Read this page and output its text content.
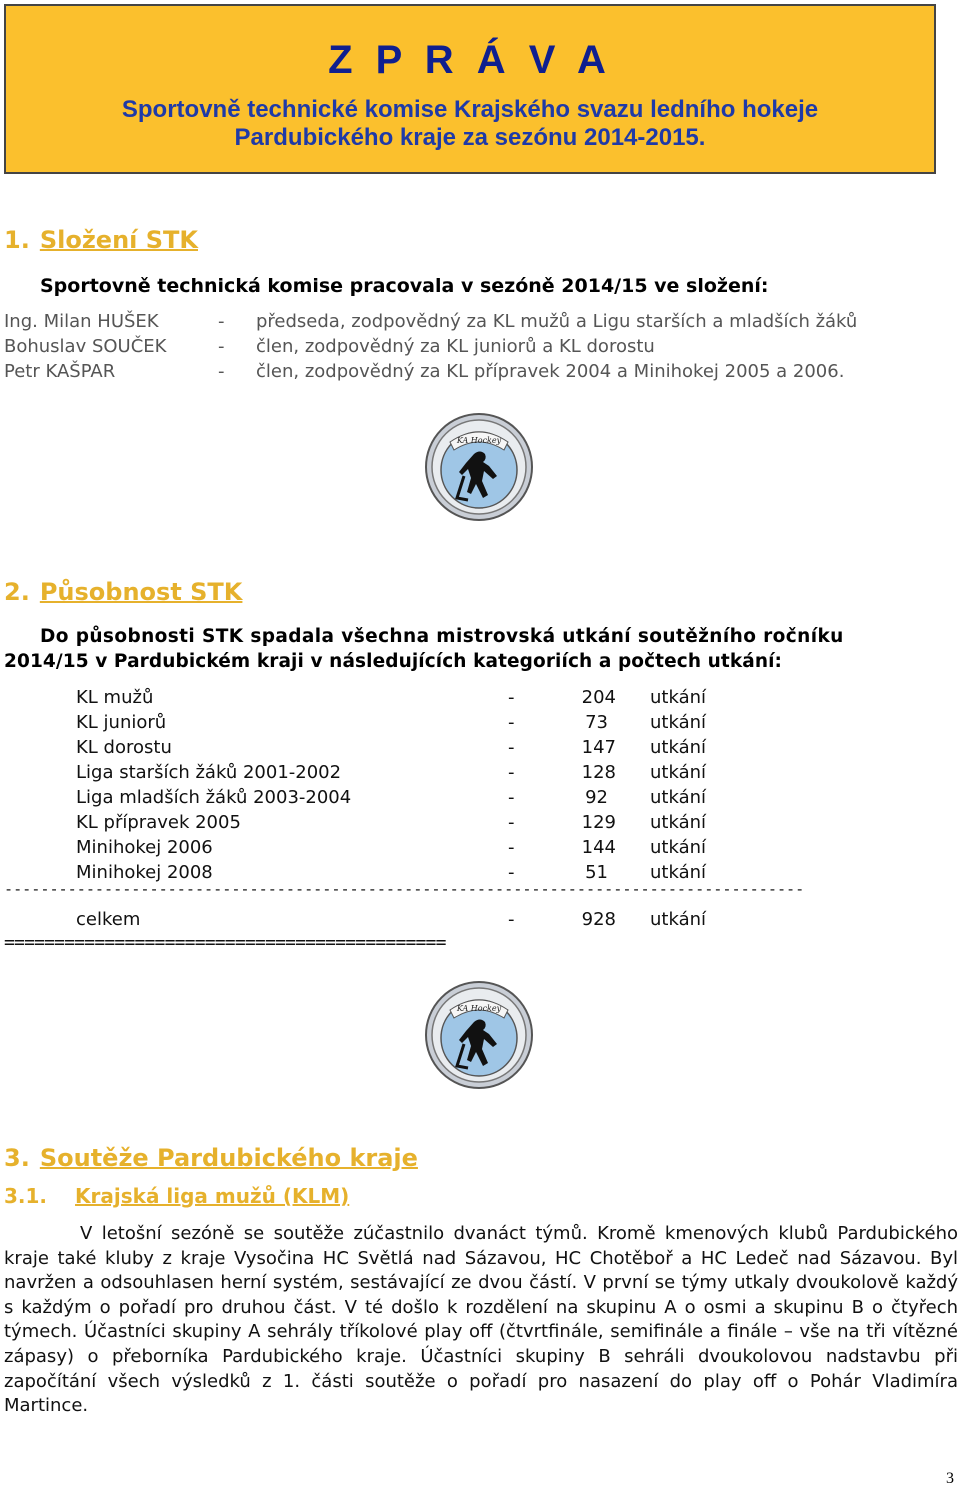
Z P R Á V A
Sportovně technické komise Krajského svazu ledního hokeje
Pardubického kraje za sezónu 2014-2015.
1. Složení STK
Sportovně technická komise pracovala v sezóně 2014/15 ve složení:
Ing. Milan HUŠEK	- předseda, zodpovědný za KL mužů a Ligu starších a mladších žáků
Bohuslav SOUČEK	- člen, zodpovědný za KL juniorů a KL dorostu
Petr KAŠPAR	- člen, zodpovědný za KL přípravek 2004 a Minihokej 2005 a 2006.
KA Hockey
2. Působnost STK
Do působnosti STK spadala všechna mistrovská utkání soutěžního ročníku
2014/15 v Pardubickém kraji v následujících kategoriích a počtech utkání:
KL mužů	-	204 utkání
KL juniorů	-	73 utkání
KL dorostu	-	147 utkání
Liga starších žáků 2001-2002	-	128 utkání
Liga mladších žáků 2003-2004	-	92 utkání
KL přípravek 2005	-	129 utkání
Minihokej 2006	-	144 utkání
Minihokej 2008	-	51 utkání
----------------------------------------------------------------------------------------
celkem	-	928 utkání
============================================
KA Hockey
3. Soutěže Pardubického kraje
3.1. Krajská liga mužů (KLM)
V letošní sezóně se soutěže zúčastnilo dvanáct týmů. Kromě kmenových klubů Pardubického kraje také kluby z kraje Vysočina HC Světlá nad Sázavou, HC Chotěboř a HC Ledeč nad Sázavou. Byl navržen a odsouhlasen herní systém, sestávající ze dvou částí. V první se týmy utkaly dvoukolově každý s každým o pořadí pro druhou část. V té došlo k rozdělení na skupinu A o osmi a skupinu B o čtyřech týmech. Účastníci skupiny A sehrály tříkolové play off (čtvrtfinále, semifinále a finále – vše na tři vítězné zápasy) o přeborníka Pardubického kraje. Účastníci skupiny B sehráli dvoukolovou nadstavbu při započítání všech výsledků z 1. části soutěže o pořadí pro nasazení do play off o Pohár Vladimíra Martince.
3
